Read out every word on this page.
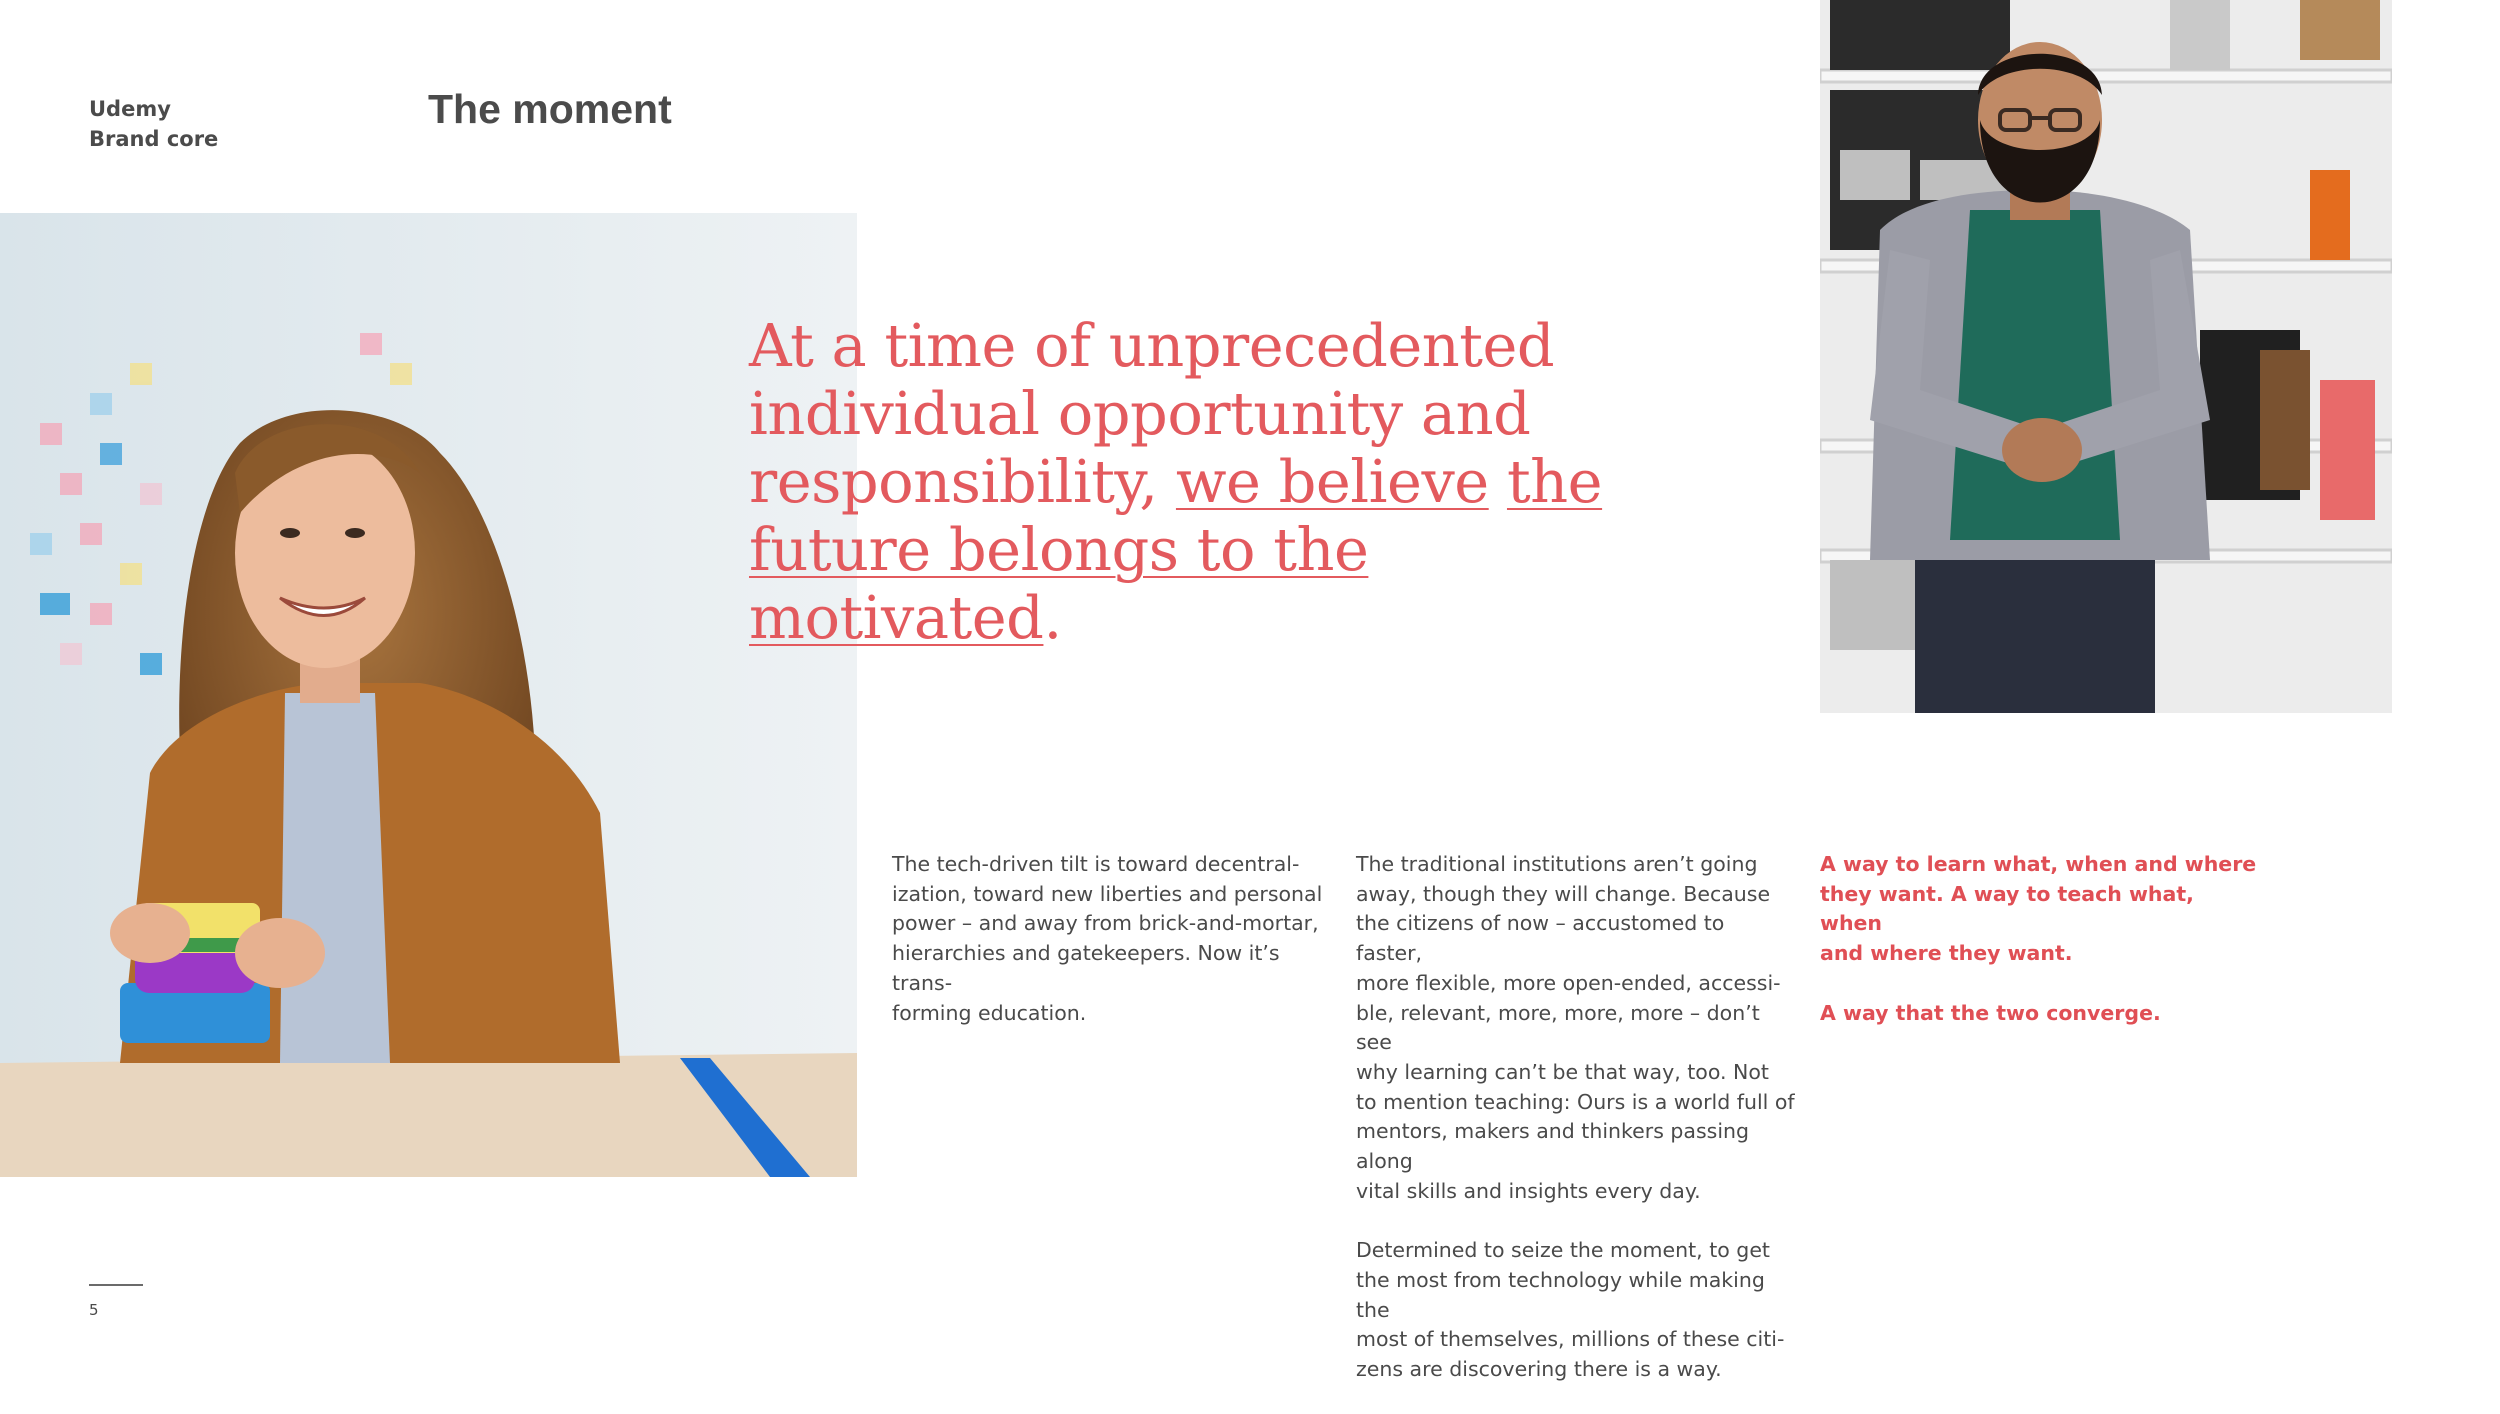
Udemy
Brand core
The moment
At a time of unprecedented individual opportunity and responsibility, we believe the future belongs to the motivated.

The tech-driven tilt is toward decentral-
ization, toward new liberties and personal
power – and away from brick-and-mortar,
hierarchies and gatekeepers. Now it’s trans-
forming education.

The traditional institutions aren’t going
away, though they will change. Because
the citizens of now – accustomed to faster,
more flexible, more open-ended, accessi-
ble, relevant, more, more, more – don’t see
why learning can’t be that way, too. Not
to mention teaching: Ours is a world full of
mentors, makers and thinkers passing along
vital skills and insights every day.

Determined to seize the moment, to get
the most from technology while making the
most of themselves, millions of these citi-
zens are discovering there is a way.

A way to learn what, when and where
they want. A way to teach what, when
and where they want.

A way that the two converge.

5
